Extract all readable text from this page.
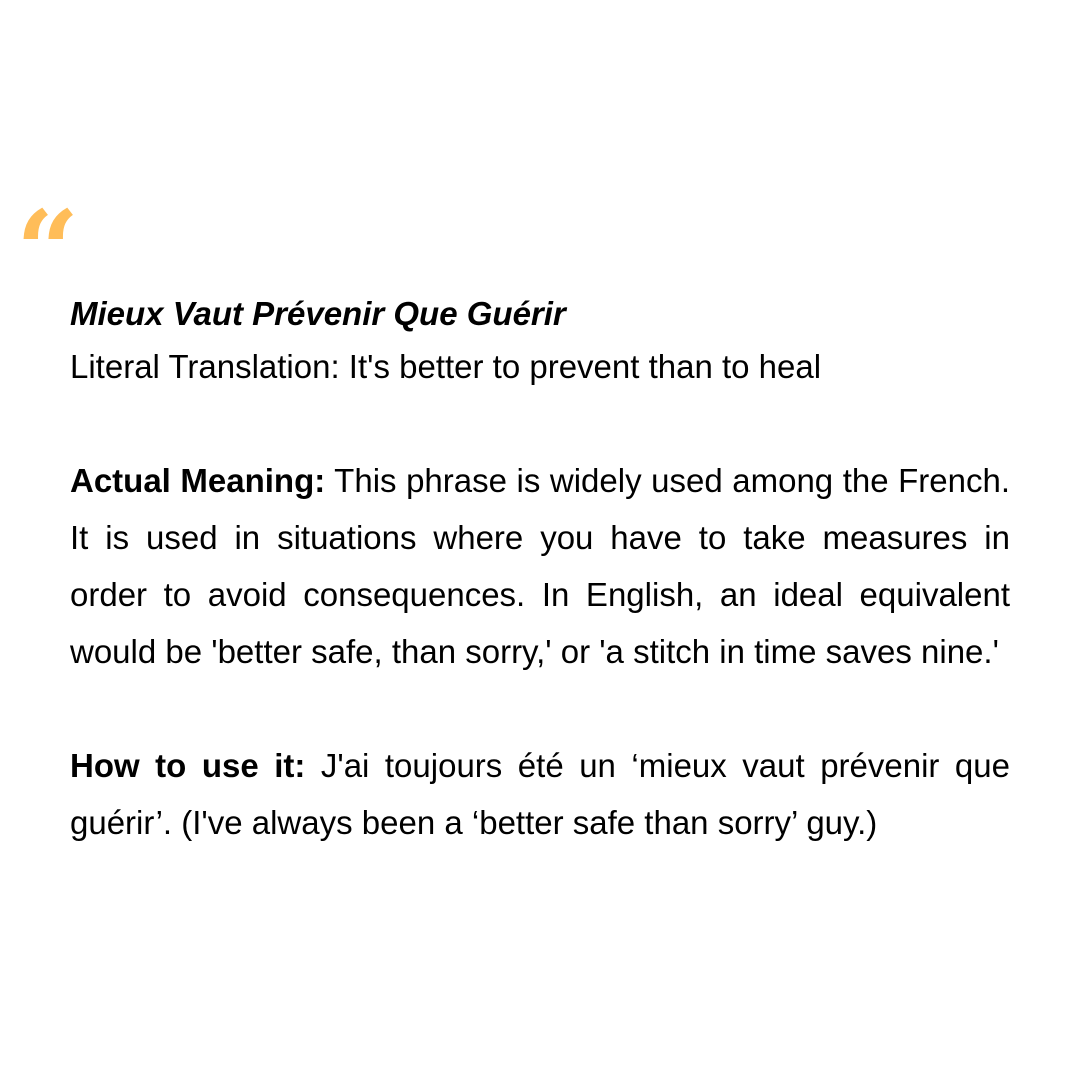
“

Mieux Vaut Prévenir Que Guérir

Literal Translation: It's better to prevent than to heal

Actual Meaning: This phrase is widely used among the French. It is used in situations where you have to take measures in order to avoid consequences. In English, an ideal equivalent would be 'better safe, than sorry,' or 'a stitch in time saves nine.'

How to use it: J'ai toujours été un ‘mieux vaut prévenir que guérir’. (I've always been a ‘better safe than sorry’ guy.)
